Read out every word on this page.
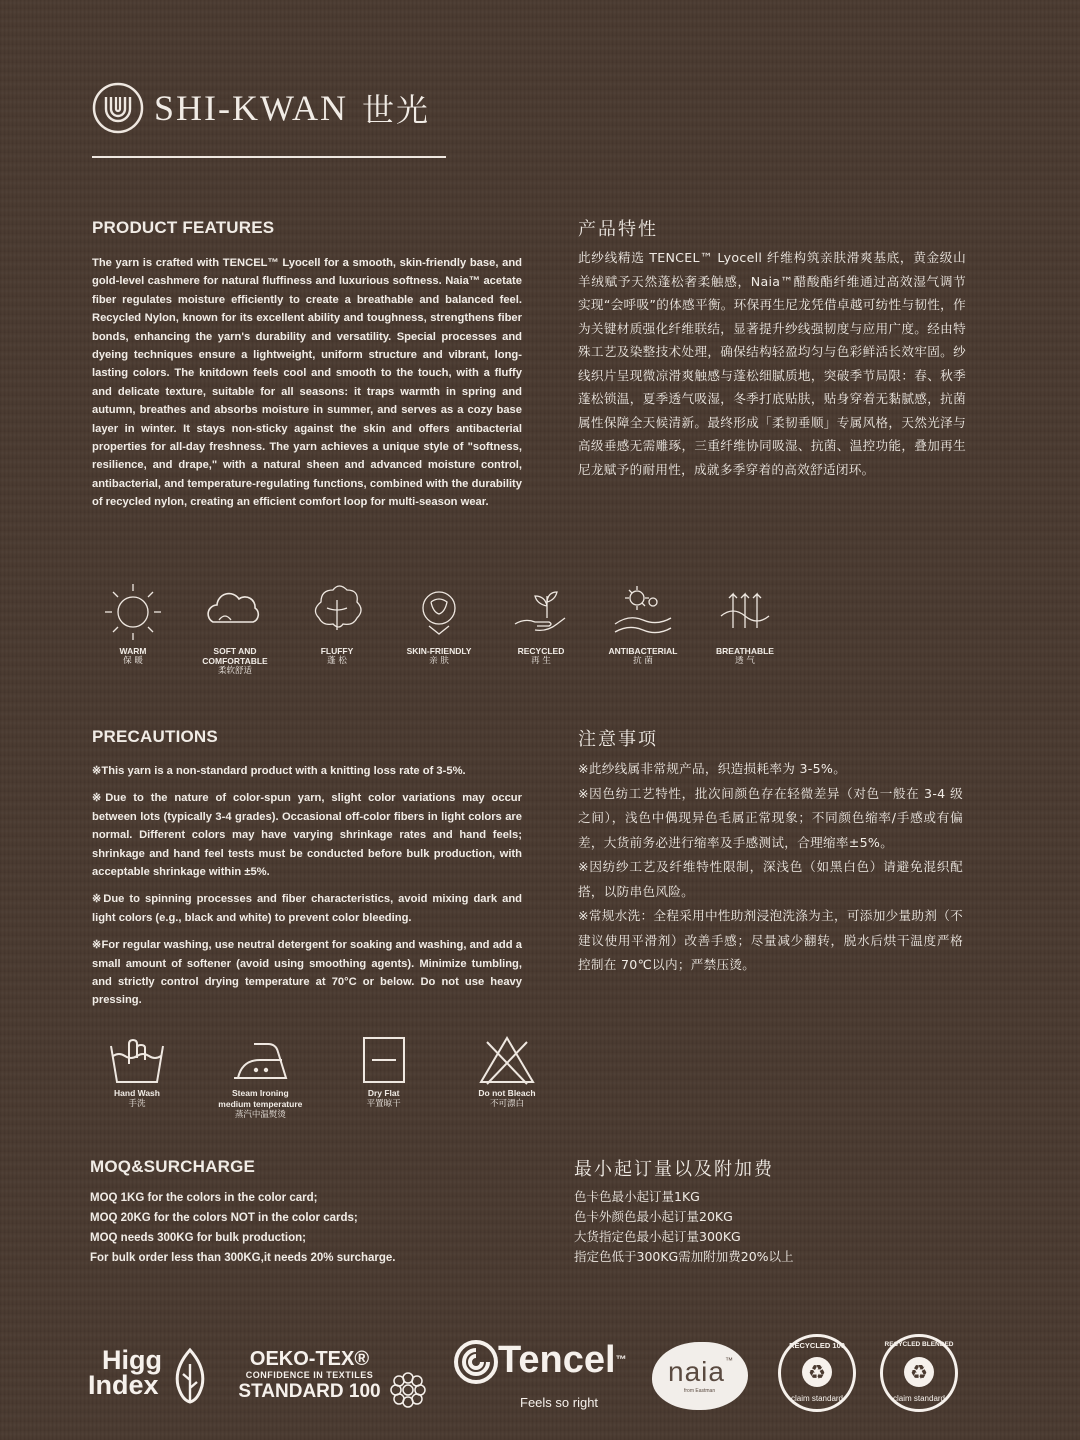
SHI-KWAN 世光
PRODUCT FEATURES	产品特性

The yarn is crafted with TENCEL™ Lyocell for a smooth, skin-friendly base, and gold-level cashmere for natural fluffiness and luxurious softness. Naia™ acetate fiber regulates moisture efficiently to create a breathable and balanced feel. Recycled Nylon, known for its excellent ability and toughness, strengthens fiber bonds, enhancing the yarn's durability and versatility. Special processes and dyeing techniques ensure a lightweight, uniform structure and vibrant, long-lasting colors. The knitdown feels cool and smooth to the touch, with a fluffy and delicate texture, suitable for all seasons: it traps warmth in spring and autumn, breathes and absorbs moisture in summer, and serves as a cozy base layer in winter. It stays non-sticky against the skin and offers antibacterial properties for all-day freshness. The yarn achieves a unique style of "softness, resilience, and drape," with a natural sheen and advanced moisture control, antibacterial, and temperature-regulating functions, combined with the durability of recycled nylon, creating an efficient comfort loop for multi-season wear.

此纱线精选 TENCEL™ Lyocell 纤维构筑亲肤滑爽基底，黄金级山羊绒赋予天然蓬松奢柔触感，Naia™醋酸酯纤维通过高效湿气调节实现“会呼吸”的体感平衡。环保再生尼龙凭借卓越可纺性与韧性，作为关键材质强化纤维联结，显著提升纱线强韧度与应用广度。经由特殊工艺及染整技术处理，确保结构轻盈均匀与色彩鲜活长效牢固。纱线织片呈现微凉滑爽触感与蓬松细腻质地，突破季节局限：春、秋季蓬松锁温，夏季透气吸湿，冬季打底贴肤，贴身穿着无黏腻感，抗菌属性保障全天候清新。最终形成「柔韧垂顺」专属风格，天然光泽与高级垂感无需雕琢，三重纤维协同吸湿、抗菌、温控功能，叠加再生尼龙赋予的耐用性，成就多季穿着的高效舒适闭环。

WARM
保 暖
SOFT AND
COMFORTABLE
柔软舒适
FLUFFY
蓬 松
SKIN-FRIENDLY
亲 肤
RECYCLED
再 生
ANTIBACTERIAL
抗 菌
BREATHABLE
透 气
PRECAUTIONS	注意事项

※This yarn is a non-standard product with a knitting loss rate of 3-5%.

※Due to the nature of color-spun yarn, slight color variations may occur between lots (typically 3-4 grades). Occasional off-color fibers in light colors are normal. Different colors may have varying shrinkage rates and hand feels; shrinkage and hand feel tests must be conducted before bulk production, with acceptable shrinkage within ±5%.

※Due to spinning processes and fiber characteristics, avoid mixing dark and light colors (e.g., black and white) to prevent color bleeding.

※For regular washing, use neutral detergent for soaking and washing, and add a small amount of softener (avoid using smoothing agents). Minimize tumbling, and strictly control drying temperature at 70°C or below. Do not use heavy pressing.

※此纱线属非常规产品，织造损耗率为 3-5%。

※因色纺工艺特性，批次间颜色存在轻微差异（对色一般在 3-4 级之间），浅色中偶现异色毛属正常现象；不同颜色缩率/手感或有偏差，大货前务必进行缩率及手感测试，合理缩率±5%。

※因纺纱工艺及纤维特性限制，深浅色（如黑白色）请避免混织配搭，以防串色风险。

※常规水洗：全程采用中性助剂浸泡洗涤为主，可添加少量助剂（不建议使用平滑剂）改善手感；尽量减少翻转，脱水后烘干温度严格控制在 70℃以内；严禁压烫。

Hand Wash
手洗
Steam Ironing
medium temperature
蒸汽中温熨烫
Dry Flat
平置晾干
Do not Bleach
不可漂白
MOQ&SURCHARGE	最小起订量以及附加费
MOQ 1KG for the colors in the color card;
MOQ 20KG for the colors NOT in the color cards;
MOQ needs 300KG for bulk production;
For bulk order less than 300KG,it needs 20% surcharge.
色卡色最小起订量1KG
色卡外颜色最小起订量20KG
大货指定色最小起订量300KG
指定色低于300KG需加附加费20%以上
Higg
Index
OEKO-TEX®
CONFIDENCE IN TEXTILES
STANDARD 100
Tencel™
Feels so right
naia™
from Eastman
RECYCLED 100
♻
claim standard
RECYCLED BLENDED
♻
claim standard
